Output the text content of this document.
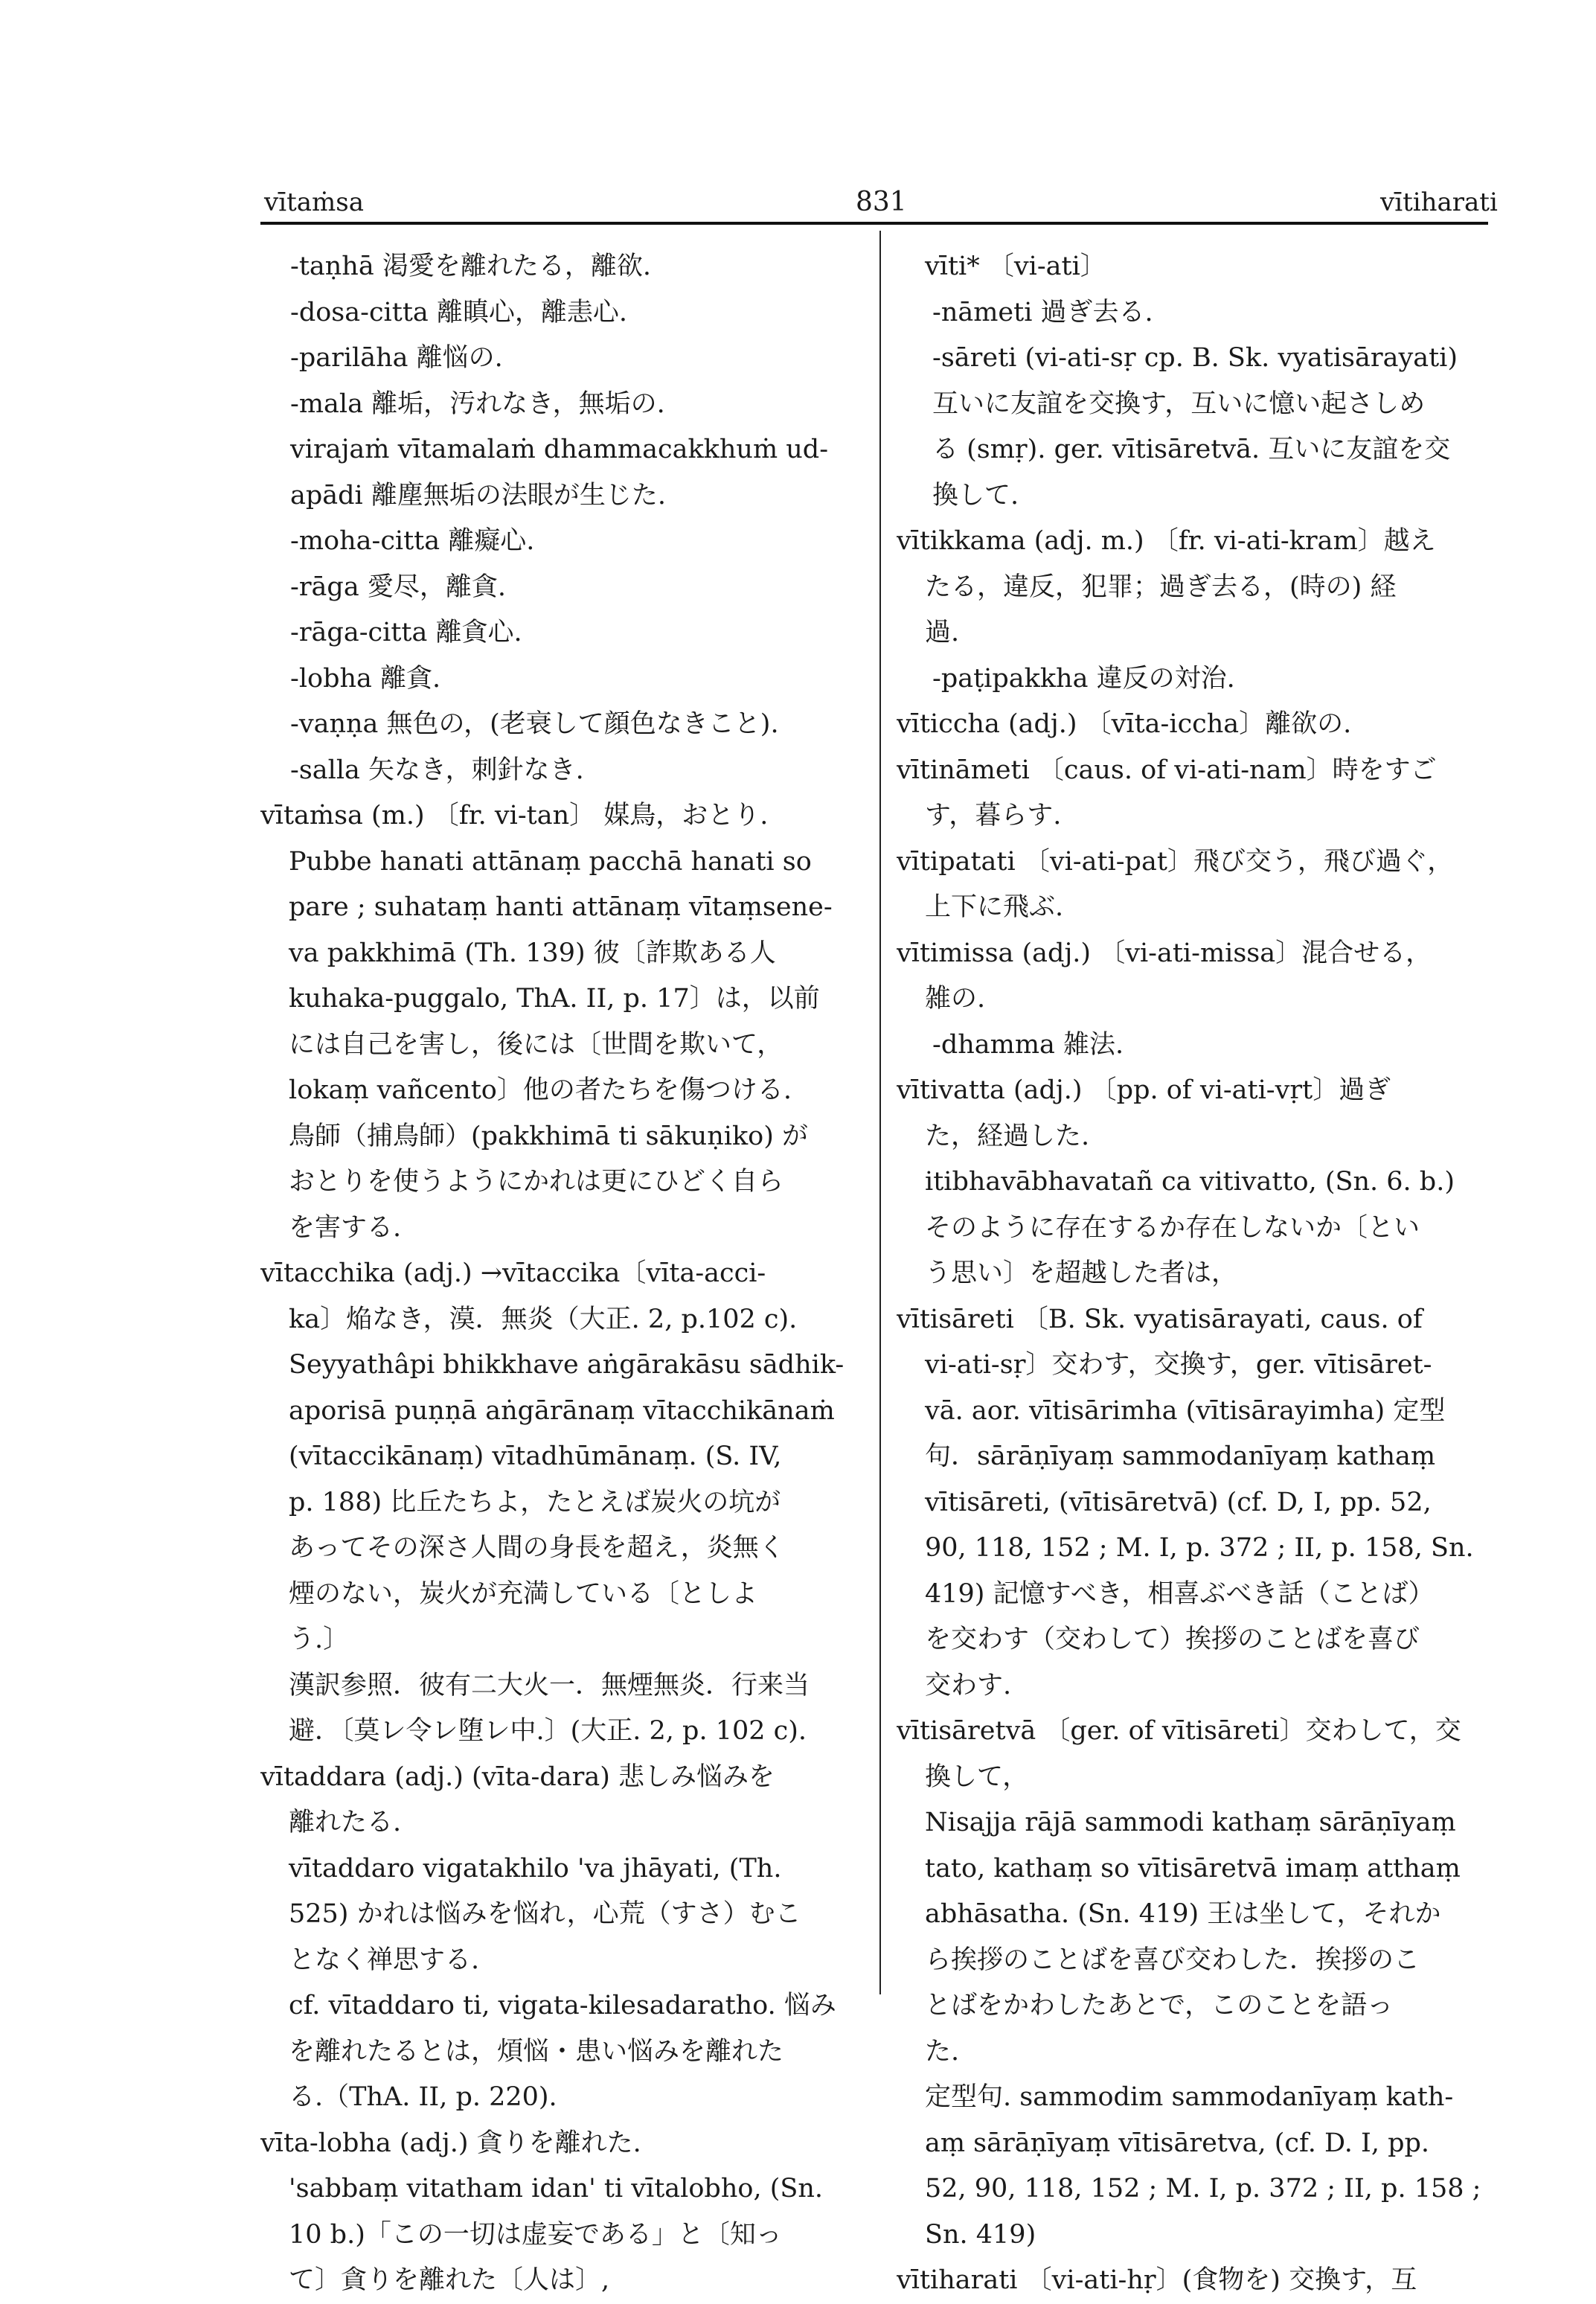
vītaṁsa	831	vītiharati
-taṇhā 渇愛を離れたる，離欲.
-dosa-citta 離瞋心，離恚心.
-parilāha 離悩の.
-mala 離垢，汚れなき，無垢の.
virajaṁ vītamalaṁ dhammacakkhuṁ ud-
apādi 離塵無垢の法眼が生じた.
-moha-citta 離癡心.
-rāga 愛尽，離貪.
-rāga-citta 離貪心.
-lobha 離貪.
-vaṇṇa 無色の，(老衰して顔色なきこと).
-salla 矢なき，刺針なき.
vītaṁsa (m.) 〔fr. vi-tan〕 媒鳥，おとり.
Pubbe hanati attānaṃ pacchā hanati so
pare ; suhataṃ hanti attānaṃ vītaṃsene-
va pakkhimā (Th. 139) 彼〔詐欺ある人
kuhaka-puggalo, ThA. II, p. 17〕は，以前
には自己を害し，後には〔世間を欺いて，
lokaṃ vañcento〕他の者たちを傷つける.
鳥師（捕鳥師）(pakkhimā ti sākuṇiko) が
おとりを使うようにかれは更にひどく自ら
を害する.
vītacchika (adj.) →vītaccika〔vīta-acci-
ka〕焔なき，漠．無炎（大正. 2, p.102 c).
Seyyathâpi bhikkhave aṅgārakāsu sādhik-
aporisā puṇṇā aṅgārānaṃ vītacchikānaṁ
(vītaccikānaṃ) vītadhūmānaṃ. (S. IV,
p. 188) 比丘たちよ，たとえば炭火の坑が
あってその深さ人間の身長を超え，炎無く
煙のない，炭火が充満している〔としよ
う.〕
漢訳参照．彼有二大火一．無煙無炎．行来当
避．〔莫レ令レ堕レ中.〕(大正. 2, p. 102 c).
vītaddara (adj.) (vīta-dara) 悲しみ悩みを
離れたる.
vītaddaro vigatakhilo 'va jhāyati, (Th.
525) かれは悩みを悩れ，心荒（すさ）むこ
となく禅思する.
cf. vītaddaro ti, vigata-kilesadaratho. 悩み
を離れたるとは，煩悩・患い悩みを離れた
る.（ThA. II, p. 220).
vīta-lobha (adj.) 貪りを離れた.
'sabbaṃ vitatham idan' ti vītalobho, (Sn.
10 b.)「この一切は虚妄である」と〔知っ
て〕貪りを離れた〔人は〕,
vīti* 〔vi-ati〕
-nāmeti 過ぎ去る.
-sāreti (vi-ati-sṛ cp. B. Sk. vyatisārayati)
互いに友誼を交換す，互いに憶い起さしめ
る (smṛ). ger. vītisāretvā. 互いに友誼を交
換して.
vītikkama (adj. m.) 〔fr. vi-ati-kram〕越え
たる，違反，犯罪；過ぎ去る，(時の) 経
過.
-paṭipakkha 違反の対治.
vīticcha (adj.) 〔vīta-iccha〕離欲の.
vītināmeti 〔caus. of vi-ati-nam〕時をすご
す，暮らす.
vītipatati 〔vi-ati-pat〕飛び交う，飛び過ぐ，
上下に飛ぶ.
vītimissa (adj.) 〔vi-ati-missa〕混合せる，
雑の.
-dhamma 雑法.
vītivatta (adj.) 〔pp. of vi-ati-vṛt〕過ぎ
た，経過した.
itibhavābhavatañ ca vitivatto, (Sn. 6. b.)
そのように存在するか存在しないか〔とい
う思い〕を超越した者は，
vītisāreti 〔B. Sk. vyatisārayati, caus. of
vi-ati-sṛ〕交わす，交換す，ger. vītisāret-
vā. aor. vītisārimha (vītisārayimha) 定型
句．sārāṇīyaṃ sammodanīyaṃ kathaṃ
vītisāreti, (vītisāretvā) (cf. D, I, pp. 52,
90, 118, 152 ; M. I, p. 372 ; II, p. 158, Sn.
419) 記憶すべき，相喜ぶべき話（ことば）
を交わす（交わして）挨拶のことばを喜び
交わす.
vītisāretvā 〔ger. of vītisāreti〕交わして，交
換して，
Nisajja rājā sammodi kathaṃ sārāṇīyaṃ
tato, kathaṃ so vītisāretvā imaṃ atthaṃ
abhāsatha. (Sn. 419) 王は坐して，それか
ら挨拶のことばを喜び交わした．挨拶のこ
とばをかわしたあとで，このことを語っ
た.
定型句. sammodim sammodanīyaṃ kath-
aṃ sārāṇīyaṃ vītisāretva, (cf. D. I, pp.
52, 90, 118, 152 ; M. I, p. 372 ; II, p. 158 ;
Sn. 419)
vītiharati 〔vi-ati-hṛ〕(食物を) 交換す，互
